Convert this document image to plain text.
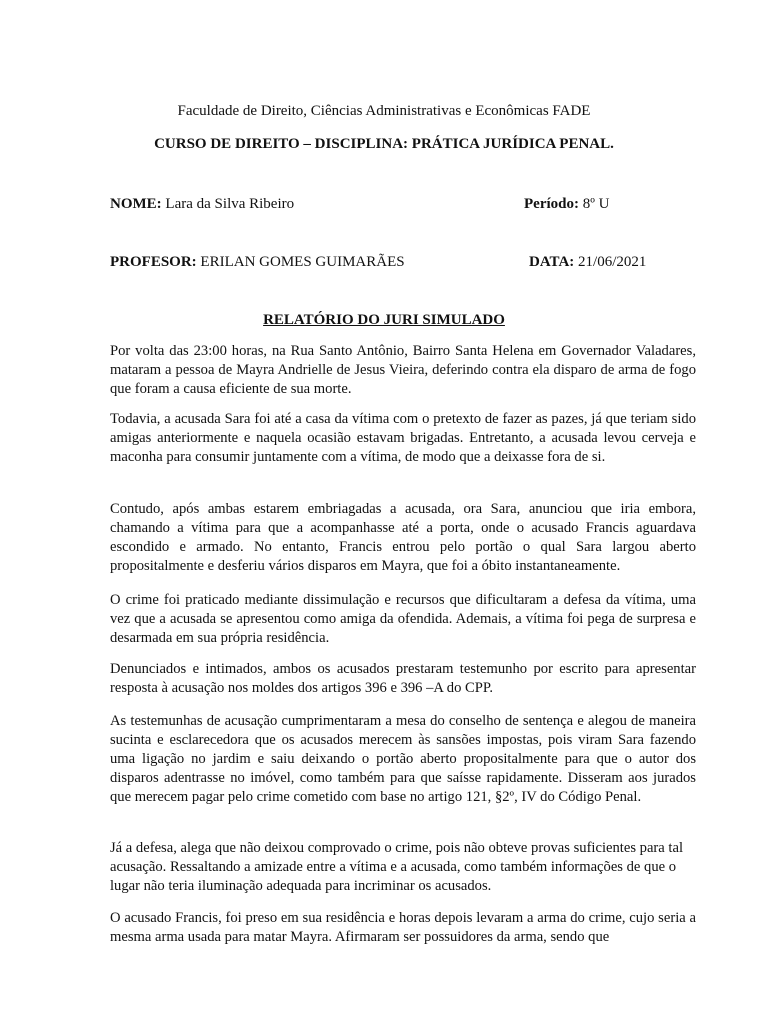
Faculdade de Direito, Ciências Administrativas e Econômicas FADE
CURSO DE DIREITO – DISCIPLINA: PRÁTICA JURÍDICA PENAL.
NOME: Lara da Silva Ribeiro	Período: 8º U
PROFESOR: ERILAN GOMES GUIMARÃES	DATA: 21/06/2021
RELATÓRIO DO JURI SIMULADO

Por volta das 23:00 horas, na Rua Santo Antônio, Bairro Santa Helena em Governador Valadares, mataram a pessoa de Mayra Andrielle de Jesus Vieira, deferindo contra ela disparo de arma de fogo que foram a causa eficiente de sua morte.

Todavia, a acusada Sara foi até a casa da vítima com o pretexto de fazer as pazes, já que teriam sido amigas anteriormente e naquela ocasião estavam brigadas. Entretanto, a acusada levou cerveja e maconha para consumir juntamente com a vítima, de modo que a deixasse fora de si.

Contudo, após ambas estarem embriagadas a acusada, ora Sara, anunciou que iria embora, chamando a vítima para que a acompanhasse até a porta, onde o acusado Francis aguardava escondido e armado. No entanto, Francis entrou pelo portão o qual Sara largou aberto propositalmente e desferiu vários disparos em Mayra, que foi a óbito instantaneamente.

O crime foi praticado mediante dissimulação e recursos que dificultaram a defesa da vítima, uma vez que a acusada se apresentou como amiga da ofendida. Ademais, a vítima foi pega de surpresa e desarmada em sua própria residência.

Denunciados e intimados, ambos os acusados prestaram testemunho por escrito para apresentar resposta à acusação nos moldes dos artigos 396 e 396 –A do CPP.

As testemunhas de acusação cumprimentaram a mesa do conselho de sentença e alegou de maneira sucinta e esclarecedora que os acusados merecem às sansões impostas, pois viram Sara fazendo uma ligação no jardim e saiu deixando o portão aberto propositalmente para que o autor dos disparos adentrasse no imóvel, como também para que saísse rapidamente. Disseram aos jurados que merecem pagar pelo crime cometido com base no artigo 121, §2º, IV do Código Penal.

Já a defesa, alega que não deixou comprovado o crime, pois não obteve provas suficientes para tal acusação. Ressaltando a amizade entre a vítima e a acusada, como também informações de que o lugar não teria iluminação adequada para incriminar os acusados.

O acusado Francis, foi preso em sua residência e horas depois levaram a arma do crime, cujo seria a mesma arma usada para matar Mayra. Afirmaram ser possuidores da arma, sendo que
